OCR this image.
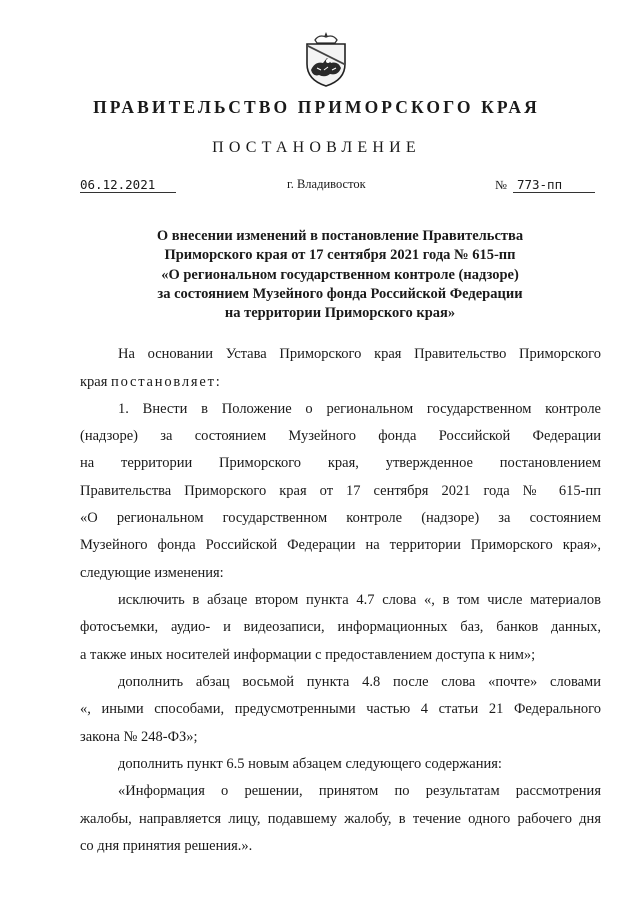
ПРАВИТЕЛЬСТВО ПРИМОРСКОГО КРАЯ
ПОСТАНОВЛЕНИЕ
06.12.2021	г. Владивосток	№ 773-пп
О внесении изменений в постановление Правительства
Приморского края от 17 сентября 2021 года № 615-пп
«О региональном государственном контроле (надзоре)
за состоянием Музейного фонда Российской Федерации
на территории Приморского края»
На основании Устава Приморского края Правительство Приморского
края постановляет:
1. Внести в Положение о региональном государственном контроле
(надзоре) за состоянием Музейного фонда Российской Федерации
на территории Приморского края, утвержденное постановлением
Правительства Приморского края от 17 сентября 2021 года № 615-пп
«О региональном государственном контроле (надзоре) за состоянием
Музейного фонда Российской Федерации на территории Приморского края»,
следующие изменения:
исключить в абзаце втором пункта 4.7 слова «, в том числе материалов
фотосъемки, аудио- и видеозаписи, информационных баз, банков данных,
а также иных носителей информации с предоставлением доступа к ним»;
дополнить абзац восьмой пункта 4.8 после слова «почте» словами
«, иными способами, предусмотренными частью 4 статьи 21 Федерального
закона № 248-ФЗ»;
дополнить пункт 6.5 новым абзацем следующего содержания:
«Информация о решении, принятом по результатам рассмотрения
жалобы, направляется лицу, подавшему жалобу, в течение одного рабочего дня
со дня принятия решения.».
